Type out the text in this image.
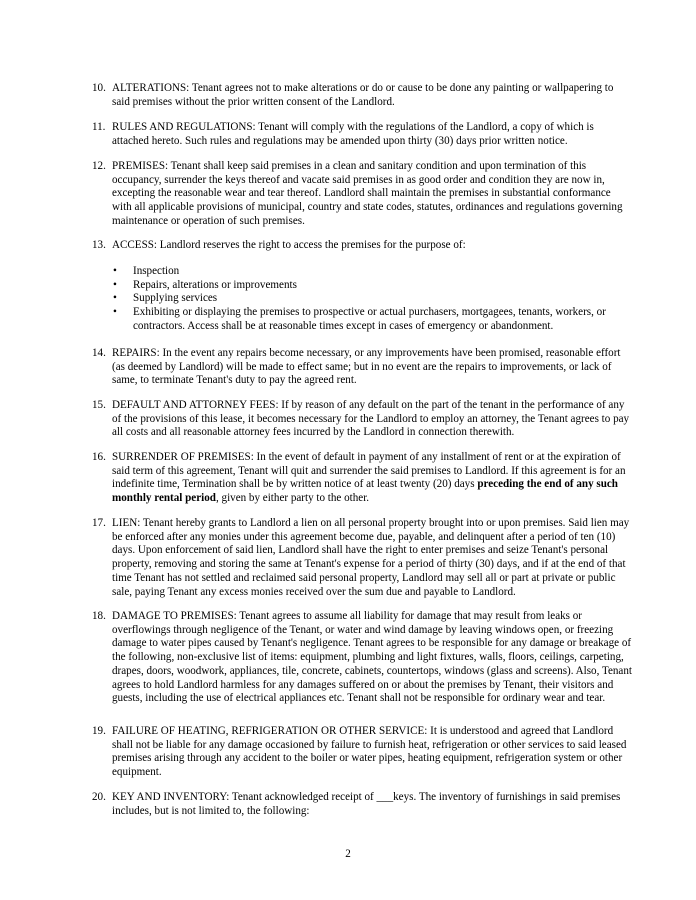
10. ALTERATIONS: Tenant agrees not to make alterations or do or cause to be done any painting or wallpapering to said premises without the prior written consent of the Landlord.
11. RULES AND REGULATIONS: Tenant will comply with the regulations of the Landlord, a copy of which is attached hereto. Such rules and regulations may be amended upon thirty (30) days prior written notice.
12. PREMISES: Tenant shall keep said premises in a clean and sanitary condition and upon termination of this occupancy, surrender the keys thereof and vacate said premises in as good order and condition they are now in, excepting the reasonable wear and tear thereof. Landlord shall maintain the premises in substantial conformance with all applicable provisions of municipal, country and state codes, statutes, ordinances and regulations governing maintenance or operation of such premises.
13. ACCESS: Landlord reserves the right to access the premises for the purpose of:
• Inspection
• Repairs, alterations or improvements
• Supplying services
• Exhibiting or displaying the premises to prospective or actual purchasers, mortgagees, tenants, workers, or contractors. Access shall be at reasonable times except in cases of emergency or abandonment.
14. REPAIRS: In the event any repairs become necessary, or any improvements have been promised, reasonable effort (as deemed by Landlord) will be made to effect same; but in no event are the repairs to improvements, or lack of same, to terminate Tenant's duty to pay the agreed rent.
15. DEFAULT AND ATTORNEY FEES: If by reason of any default on the part of the tenant in the performance of any of the provisions of this lease, it becomes necessary for the Landlord to employ an attorney, the Tenant agrees to pay all costs and all reasonable attorney fees incurred by the Landlord in connection therewith.
16. SURRENDER OF PREMISES: In the event of default in payment of any installment of rent or at the expiration of said term of this agreement, Tenant will quit and surrender the said premises to Landlord. If this agreement is for an indefinite time, Termination shall be by written notice of at least twenty (20) days preceding the end of any such monthly rental period, given by either party to the other.
17. LIEN: Tenant hereby grants to Landlord a lien on all personal property brought into or upon premises. Said lien may be enforced after any monies under this agreement become due, payable, and delinquent after a period of ten (10) days. Upon enforcement of said lien, Landlord shall have the right to enter premises and seize Tenant's personal property, removing and storing the same at Tenant's expense for a period of thirty (30) days, and if at the end of that time Tenant has not settled and reclaimed said personal property, Landlord may sell all or part at private or public sale, paying Tenant any excess monies received over the sum due and payable to Landlord.
18. DAMAGE TO PREMISES: Tenant agrees to assume all liability for damage that may result from leaks or overflowings through negligence of the Tenant, or water and wind damage by leaving windows open, or freezing damage to water pipes caused by Tenant's negligence. Tenant agrees to be responsible for any damage or breakage of the following, non-exclusive list of items: equipment, plumbing and light fixtures, walls, floors, ceilings, carpeting, drapes, doors, woodwork, appliances, tile, concrete, cabinets, countertops, windows (glass and screens). Also, Tenant agrees to hold Landlord harmless for any damages suffered on or about the premises by Tenant, their visitors and guests, including the use of electrical appliances etc. Tenant shall not be responsible for ordinary wear and tear.
19. FAILURE OF HEATING, REFRIGERATION OR OTHER SERVICE: It is understood and agreed that Landlord shall not be liable for any damage occasioned by failure to furnish heat, refrigeration or other services to said leased premises arising through any accident to the boiler or water pipes, heating equipment, refrigeration system or other equipment.
20. KEY AND INVENTORY: Tenant acknowledged receipt of ___keys. The inventory of furnishings in said premises includes, but is not limited to, the following:
2
